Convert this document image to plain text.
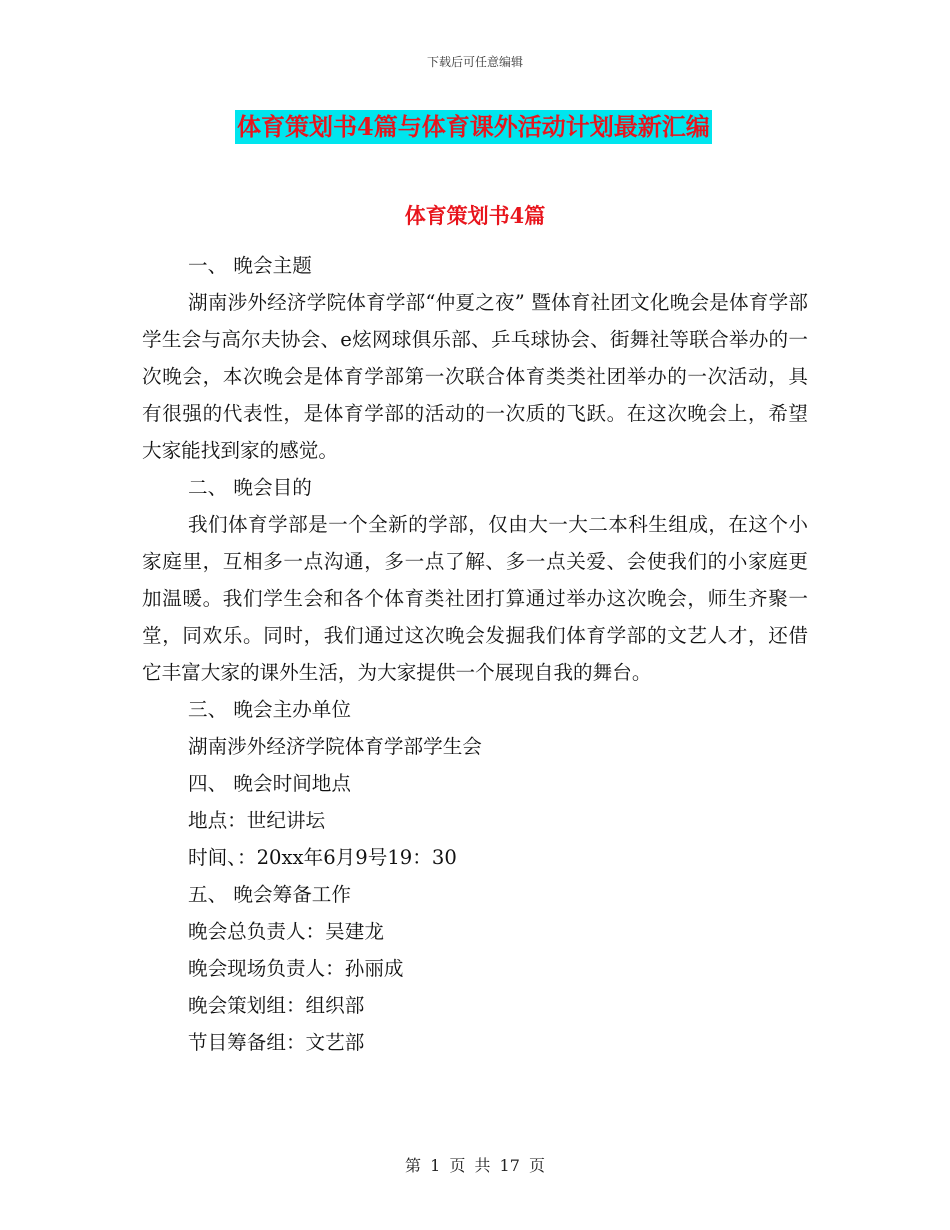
下载后可任意编辑
体育策划书4篇与体育课外活动计划最新汇编
体育策划书4篇

一、 晚会主题

湖南涉外经济学院体育学部“仲夏之夜” 暨体育社团文化晚会是体育学部学生会与高尔夫协会、e炫网球俱乐部、乒乓球协会、街舞社等联合举办的一次晚会，本次晚会是体育学部第一次联合体育类类社团举办的一次活动，具有很强的代表性，是体育学部的活动的一次质的飞跃。在这次晚会上，希望大家能找到家的感觉。

二、 晚会目的

我们体育学部是一个全新的学部，仅由大一大二本科生组成，在这个小家庭里，互相多一点沟通，多一点了解、多一点关爱、会使我们的小家庭更加温暖。我们学生会和各个体育类社团打算通过举办这次晚会，师生齐聚一堂，同欢乐。同时，我们通过这次晚会发掘我们体育学部的文艺人才，还借它丰富大家的课外生活，为大家提供一个展现自我的舞台。

三、 晚会主办单位

湖南涉外经济学院体育学部学生会

四、 晚会时间地点

地点：世纪讲坛

时间、：20xx年6月9号19：30

五、 晚会筹备工作

晚会总负责人：吴建龙

晚会现场负责人：孙丽成

晚会策划组：组织部

节目筹备组：文艺部

第 1 页 共 17 页
